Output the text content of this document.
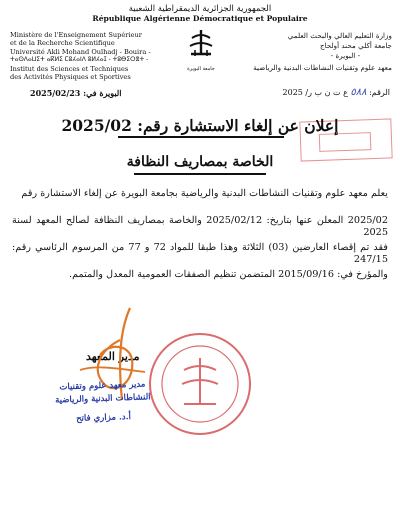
الجمهورية الجزائرية الديمقراطية الشعبية
République Algérienne Démocratique et Populaire
Ministère de l'Enseignement Supérieur
et de la Recherche Scientifique
Université Akli Mohand Oulhadj - Bouira -
ⵜⴰⵙⴷⴰⵡⵉⵜ ⴰⴽⵍⵉ ⵎⵓⵃⴰⵏⴷ ⵓⵍⵃⴰⵊ - ⵜⵓⴱⵉⵔⴻⵜ -
Institut des Sciences et Techniques
des Activités Physiques et Sportives
جامعة البويرة
وزارة التعليم العالي والبحث العلمي
جامعة أكلي محند أولحاج
- البويرة -
معهد علوم وتقنيات النشاطات البدنية والرياضية
الرقم: ٥٨٨ ع ت ن ب ر/ 2025
البويرة في: 2025/02/23
إعلان عن إلغاء الاستشارة رقم: 2025/02
الخاصة بمصاريف النظافة
يعلم معهد علوم وتقنيات النشاطات البدنية والرياضية بجامعة البويرة عن إلغاء الاستشارة رقم
2025/02 المعلن عنها بتاريخ: 2025/02/12 والخاصة بمصاريف النظافة لصالح المعهد لسنة 2025
فقد تم إقصاء العارضين (03) الثلاثة وهذا طبقا للمواد 72 و 77 من المرسوم الرئاسي رقم: 247/15
والمؤرخ في: 2015/09/16 المتضمن تنظيم الصفقات العمومية المعدل والمتمم.
مدير المعهد
مدير معهد علوم وتقنيات
النشاطات البدنية والرياضية
أ.د. مزاري فاتح
